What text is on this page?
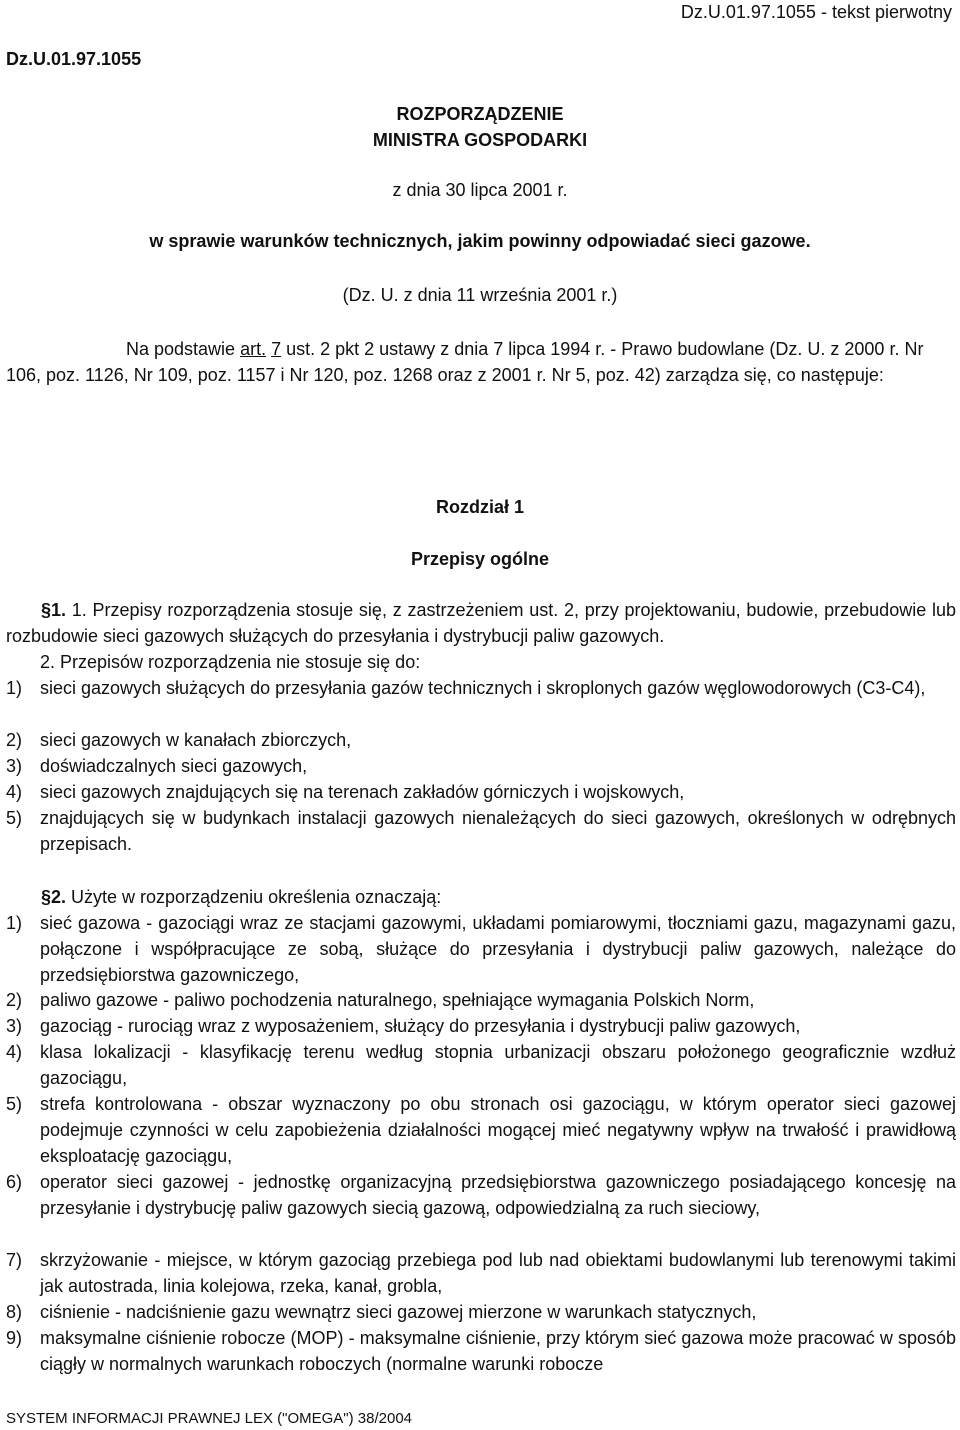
Dz.U.01.97.1055 - tekst pierwotny
Dz.U.01.97.1055
ROZPORZĄDZENIE
MINISTRA GOSPODARKI
z dnia 30 lipca 2001 r.
w sprawie warunków technicznych, jakim powinny odpowiadać sieci gazowe.
(Dz. U. z dnia 11 września 2001 r.)
Na podstawie art. 7 ust. 2 pkt 2 ustawy z dnia 7 lipca 1994 r. - Prawo budowlane (Dz. U. z 2000 r. Nr 106, poz. 1126, Nr 109, poz. 1157 i Nr 120, poz. 1268 oraz z 2001 r. Nr 5, poz. 42) zarządza się, co następuje:
Rozdział 1
Przepisy ogólne
§1. 1. Przepisy rozporządzenia stosuje się, z zastrzeżeniem ust. 2, przy projektowaniu, budowie, przebudowie lub rozbudowie sieci gazowych służących do przesyłania i dystrybucji paliw gazowych.
2. Przepisów rozporządzenia nie stosuje się do:
1) sieci gazowych służących do przesyłania gazów technicznych i skroplonych gazów węglowodorowych (C3-C4),
2) sieci gazowych w kanałach zbiorczych,
3) doświadczalnych sieci gazowych,
4) sieci gazowych znajdujących się na terenach zakładów górniczych i wojskowych,
5) znajdujących się w budynkach instalacji gazowych nienależących do sieci gazowych, określonych w odrębnych przepisach.
§2. Użyte w rozporządzeniu określenia oznaczają:
1) sieć gazowa - gazociągi wraz ze stacjami gazowymi, układami pomiarowymi, tłoczniami gazu, magazynami gazu, połączone i współpracujące ze sobą, służące do przesyłania i dystrybucji paliw gazowych, należące do przedsiębiorstwa gazowniczego,
2) paliwo gazowe - paliwo pochodzenia naturalnego, spełniające wymagania Polskich Norm,
3) gazociąg - rurociąg wraz z wyposażeniem, służący do przesyłania i dystrybucji paliw gazowych,
4) klasa lokalizacji - klasyfikację terenu według stopnia urbanizacji obszaru położonego geograficznie wzdłuż gazociągu,
5) strefa kontrolowana - obszar wyznaczony po obu stronach osi gazociągu, w którym operator sieci gazowej podejmuje czynności w celu zapobieżenia działalności mogącej mieć negatywny wpływ na trwałość i prawidłową eksploatację gazociągu,
6) operator sieci gazowej - jednostkę organizacyjną przedsiębiorstwa gazowniczego posiadającego koncesję na przesyłanie i dystrybucję paliw gazowych siecią gazową, odpowiedzialną za ruch sieciowy,
7) skrzyżowanie - miejsce, w którym gazociąg przebiega pod lub nad obiektami budowlanymi lub terenowymi takimi jak autostrada, linia kolejowa, rzeka, kanał, grobla,
8) ciśnienie - nadciśnienie gazu wewnątrz sieci gazowej mierzone w warunkach statycznych,
9) maksymalne ciśnienie robocze (MOP) - maksymalne ciśnienie, przy którym sieć gazowa może pracować w sposób ciągły w normalnych warunkach roboczych (normalne warunki robocze
SYSTEM INFORMACJI PRAWNEJ LEX ("OMEGA") 38/2004
